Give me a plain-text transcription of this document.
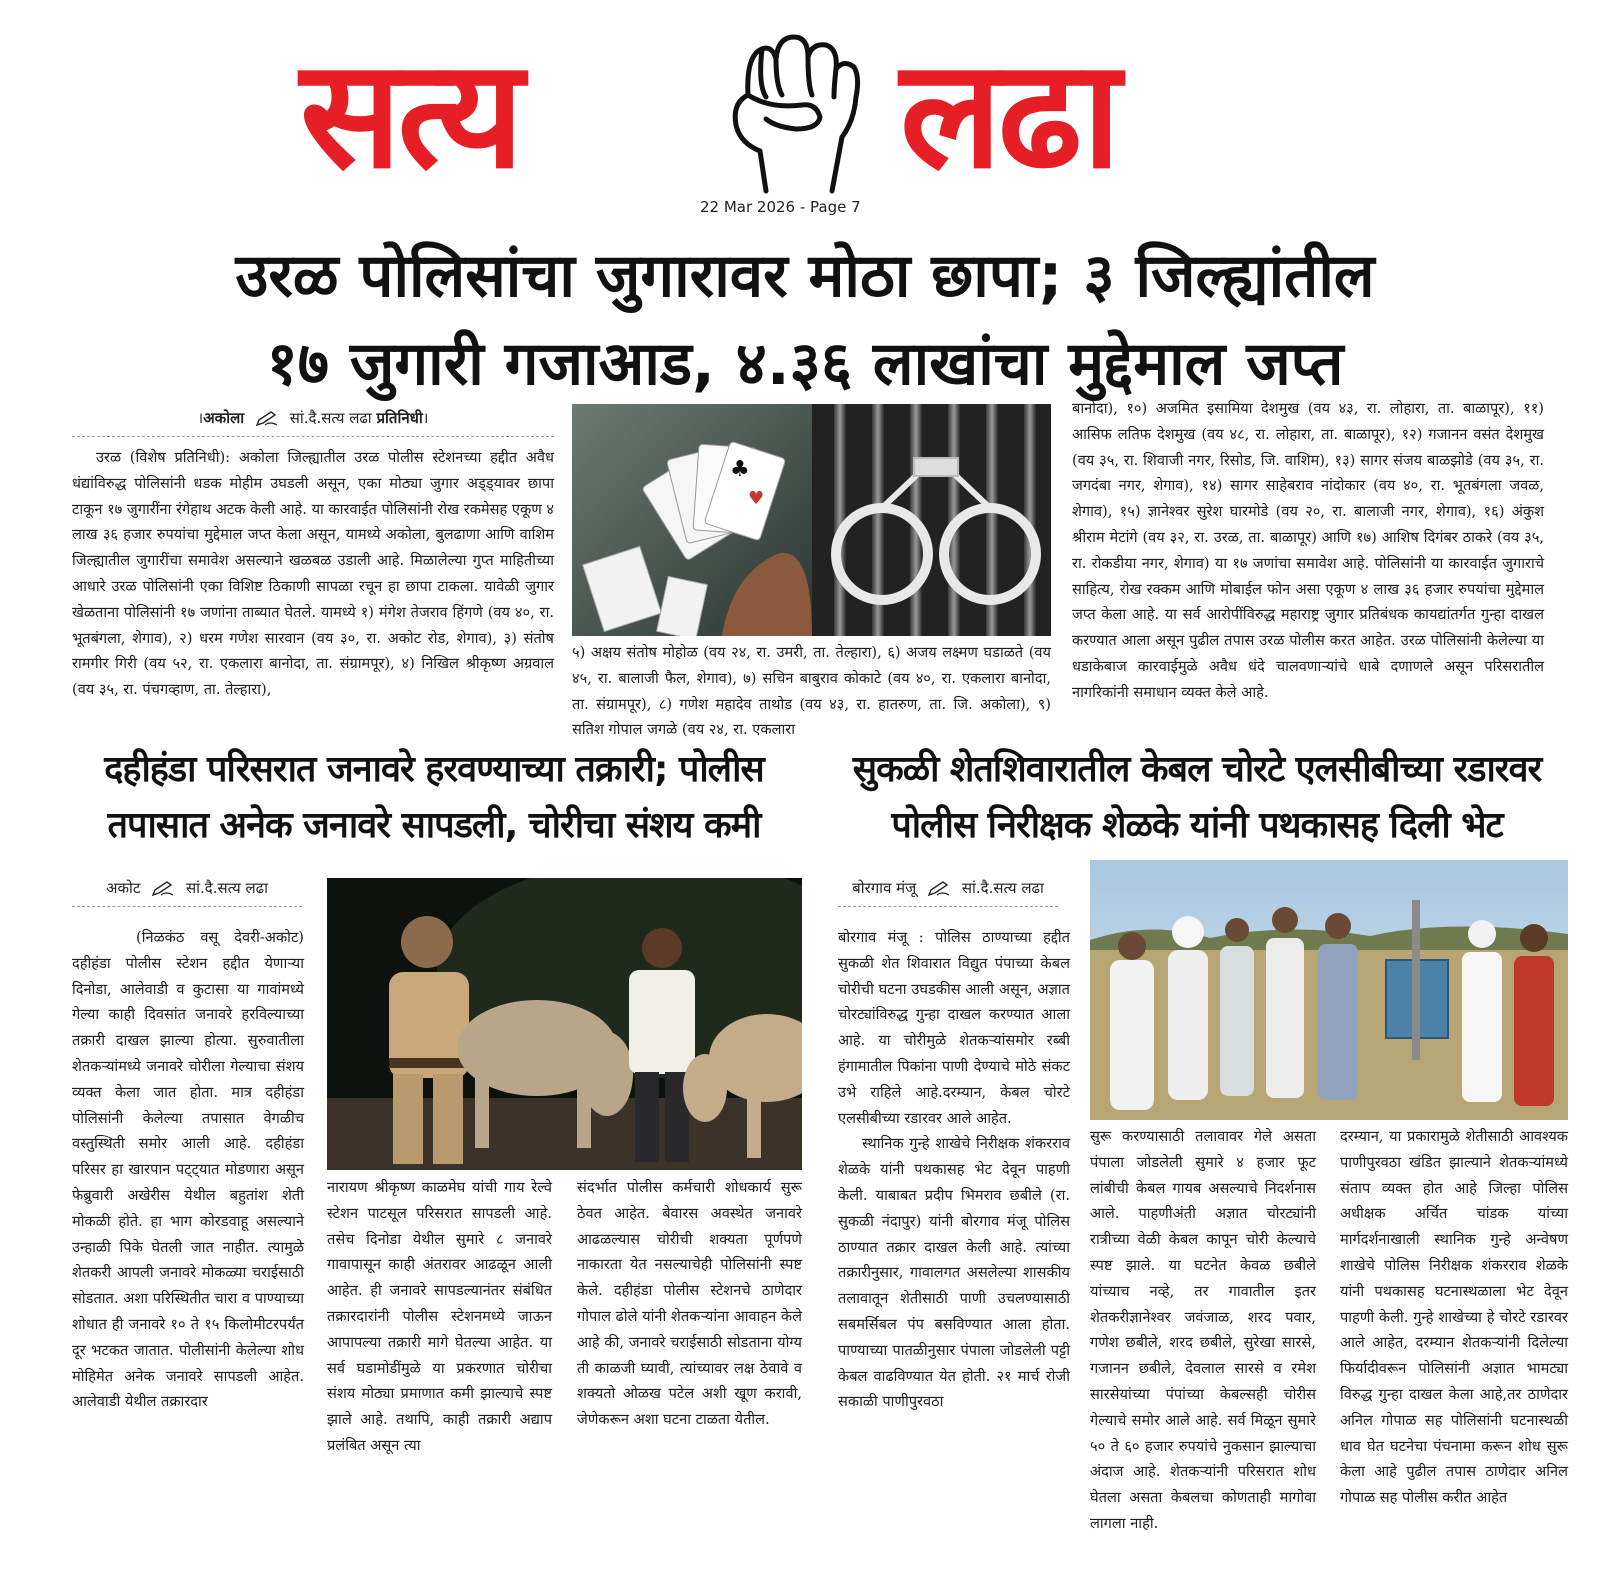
सत्य	लढा
22 Mar 2026 - Page 7
उरळ पोलिसांचा जुगारावर मोठा छापा; ३ जिल्ह्यांतील
१७ जुगारी गजाआड, ४.३६ लाखांचा मुद्देमाल जप्त
।अकोला	सां.दै.सत्य लढा प्रतिनिधी।

उरळ (विशेष प्रतिनिधी): अकोला जिल्ह्यातील उरळ पोलीस स्टेशनच्या हद्दीत अवैध धंद्यांविरुद्ध पोलिसांनी धडक मोहीम उघडली असून, एका मोठ्या जुगार अड्ड्यावर छापा टाकून १७ जुगारींना रंगेहाथ अटक केली आहे. या कारवाईत पोलिसांनी रोख रकमेसह एकूण ४ लाख ३६ हजार रुपयांचा मुद्देमाल जप्त केला असून, यामध्ये अकोला, बुलढाणा आणि वाशिम जिल्ह्यातील जुगारींचा समावेश असल्याने खळबळ उडाली आहे. मिळालेल्या गुप्त माहितीच्या आधारे उरळ पोलिसांनी एका विशिष्ट ठिकाणी सापळा रचून हा छापा टाकला. यावेळी जुगार खेळताना पोलिसांनी १७ जणांना ताब्यात घेतले. यामध्ये १) मंगेश तेजराव हिंगणे (वय ४०, रा. भूतबंगला, शेगाव), २) धरम गणेश सारवान (वय ३०, रा. अकोट रोड, शेगाव), ३) संतोष रामगीर गिरी (वय ५२, रा. एकलारा बानोदा, ता. संग्रामपूर), ४) निखिल श्रीकृष्ण अग्रवाल (वय ३५, रा. पंचगव्हाण, ता. तेल्हारा),

♣
♥

५) अक्षय संतोष मोहोळ (वय २४, रा. उमरी, ता. तेल्हारा), ६) अजय लक्ष्मण घडाळते (वय ४५, रा. बालाजी फैल, शेगाव), ७) सचिन बाबुराव कोकाटे (वय ४०, रा. एकलारा बानोदा, ता. संग्रामपूर), ८) गणेश महादेव ताथोड (वय ४३, रा. हातरुण, ता. जि. अकोला), ९) सतिश गोपाल जगळे (वय २४, रा. एकलारा

बानोदा), १०) अजमित इसामिया देशमुख (वय ४३, रा. लोहारा, ता. बाळापूर), ११) आसिफ लतिफ देशमुख (वय ४८, रा. लोहारा, ता. बाळापूर), १२) गजानन वसंत देशमुख (वय ३५, रा. शिवाजी नगर, रिसोड, जि. वाशिम), १३) सागर संजय बाळझोडे (वय ३५, रा. जगदंबा नगर, शेगाव), १४) सागर साहेबराव नांदोकार (वय ४०, रा. भूतबंगला जवळ, शेगाव), १५) ज्ञानेश्वर सुरेश घारमोडे (वय २०, रा. बालाजी नगर, शेगाव), १६) अंकुश श्रीराम मेटांगे (वय ३२, रा. उरळ, ता. बाळापूर) आणि १७) आशिष दिगंबर ठाकरे (वय ३५, रा. रोकडीया नगर, शेगाव) या १७ जणांचा समावेश आहे. पोलिसांनी या कारवाईत जुगाराचे साहित्य, रोख रक्कम आणि मोबाईल फोन असा एकूण ४ लाख ३६ हजार रुपयांचा मुद्देमाल जप्त केला आहे. या सर्व आरोपींविरुद्ध महाराष्ट्र जुगार प्रतिबंधक कायद्यांतर्गत गुन्हा दाखल करण्यात आला असून पुढील तपास उरळ पोलीस करत आहेत. उरळ पोलिसांनी केलेल्या या धडाकेबाज कारवाईमुळे अवैध धंदे चालवणाऱ्यांचे धाबे दणाणले असून परिसरातील नागरिकांनी समाधान व्यक्त केले आहे.

दहीहंडा परिसरात जनावरे हरवण्याच्या तक्रारी; पोलीस
तपासात अनेक जनावरे सापडली, चोरीचा संशय कमी
सुकळी शेतशिवारातील केबल चोरटे एलसीबीच्या रडारवर
पोलीस निरीक्षक शेळके यांनी पथकासह दिली भेट
अकोट	सां.दै.सत्य लढा

(निळकंठ वसू देवरी-अकोट) दहीहंडा पोलीस स्टेशन हद्दीत येणाऱ्या दिनोडा, आलेवाडी व कुटासा या गावांमध्ये गेल्या काही दिवसांत जनावरे हरविल्याच्या तक्रारी दाखल झाल्या होत्या. सुरुवातीला शेतकऱ्यांमध्ये जनावरे चोरीला गेल्याचा संशय व्यक्त केला जात होता. मात्र दहीहंडा पोलिसांनी केलेल्या तपासात वेगळीच वस्तुस्थिती समोर आली आहे. दहीहंडा परिसर हा खारपान पट्ट्यात मोडणारा असून फेब्रुवारी अखेरीस येथील बहुतांश शेती मोकळी होते. हा भाग कोरडवाहू असल्याने उन्हाळी पिके घेतली जात नाहीत. त्यामुळे शेतकरी आपली जनावरे मोकळ्या चराईसाठी सोडतात. अशा परिस्थितीत चारा व पाण्याच्या शोधात ही जनावरे १० ते १५ किलोमीटरपर्यंत दूर भटकत जातात. पोलीसांनी केलेल्या शोध मोहिमेत अनेक जनावरे सापडली आहेत. आलेवाडी येथील तक्रारदार

नारायण श्रीकृष्ण काळमेघ यांची गाय रेल्वे स्टेशन पाटसूल परिसरात सापडली आहे. तसेच दिनोडा येथील सुमारे ८ जनावरे गावापासून काही अंतरावर आढळून आली आहेत. ही जनावरे सापडल्यानंतर संबंधित तक्रारदारांनी पोलीस स्टेशनमध्ये जाऊन आपापल्या तक्रारी मागे घेतल्या आहेत. या सर्व घडामोडींमुळे या प्रकरणात चोरीचा संशय मोठ्या प्रमाणात कमी झाल्याचे स्पष्ट झाले आहे. तथापि, काही तक्रारी अद्याप प्रलंबित असून त्या

संदर्भात पोलीस कर्मचारी शोधकार्य सुरू ठेवत आहेत. बेवारस अवस्थेत जनावरे आढळल्यास चोरीची शक्यता पूर्णपणे नाकारता येत नसल्याचेही पोलिसांनी स्पष्ट केले. दहीहंडा पोलीस स्टेशनचे ठाणेदार गोपाल ढोले यांनी शेतकऱ्यांना आवाहन केले आहे की, जनावरे चराईसाठी सोडताना योग्य ती काळजी घ्यावी, त्यांच्यावर लक्ष ठेवावे व शक्यतो ओळख पटेल अशी खूण करावी, जेणेकरून अशा घटना टाळता येतील.

बोरगाव मंजू	सां.दै.सत्य लढा

बोरगाव मंजू : पोलिस ठाण्याच्या हद्दीत सुकळी शेत शिवारात विद्युत पंपाच्या केबल चोरीची घटना उघडकीस आली असून, अज्ञात चोरट्यांविरुद्ध गुन्हा दाखल करण्यात आला आहे. या चोरीमुळे शेतकऱ्यांसमोर रब्बी हंगामातील पिकांना पाणी देण्याचे मोठे संकट उभे राहिले आहे.दरम्यान, केबल चोरटे एलसीबीच्या रडारवर आले आहेत.

स्थानिक गुन्हे शाखेचे निरीक्षक शंकरराव शेळके यांनी पथकासह भेट देवून पाहणी केली. याबाबत प्रदीप भिमराव छबीले (रा. सुकळी नंदापुर) यांनी बोरगाव मंजू पोलिस ठाण्यात तक्रार दाखल केली आहे. त्यांच्या तक्रारीनुसार, गावालगत असलेल्या शासकीय तलावातून शेतीसाठी पाणी उचलण्यासाठी सबमर्सिबल पंप बसविण्यात आला होता. पाण्याच्या पातळीनुसार पंपाला जोडलेली पट्टी केबल वाढविण्यात येत होती. २१ मार्च रोजी सकाळी पाणीपुरवठा

सुरू करण्यासाठी तलावावर गेले असता पंपाला जोडलेली सुमारे ४ हजार फूट लांबीची केबल गायब असल्याचे निदर्शनास आले. पाहणीअंती अज्ञात चोरट्यांनी रात्रीच्या वेळी केबल कापून चोरी केल्याचे स्पष्ट झाले. या घटनेत केवळ छबीले यांच्याच नव्हे, तर गावातील इतर शेतकरीज्ञानेश्वर जवंजाळ, शरद पवार, गणेश छबीले, शरद छबीले, सुरेखा सारसे, गजानन छबीले, देवलाल सारसे व रमेश सारसेयांच्या पंपांच्या केबल्सही चोरीस गेल्याचे समोर आले आहे. सर्व मिळून सुमारे ५० ते ६० हजार रुपयांचे नुकसान झाल्याचा अंदाज आहे. शेतकऱ्यांनी परिसरात शोध घेतला असता केबलचा कोणताही मागोवा लागला नाही.

दरम्यान, या प्रकारामुळे शेतीसाठी आवश्यक पाणीपुरवठा खंडित झाल्याने शेतकऱ्यांमध्ये संताप व्यक्त होत आहे जिल्हा पोलिस अधीक्षक अर्चित चांडक यांच्या मार्गदर्शनाखाली स्थानिक गुन्हे अन्वेषण शाखेचे पोलिस निरीक्षक शंकरराव शेळके यांनी पथकासह घटनास्थळाला भेट देवून पाहणी केली. गुन्हे शाखेच्या हे चोरटे रडारवर आले आहेत, दरम्यान शेतकऱ्यांनी दिलेल्या फिर्यादीवरून पोलिसांनी अज्ञात भामट्या विरुद्ध गुन्हा दाखल केला आहे,तर ठाणेदार अनिल गोपाळ सह पोलिसांनी घटनास्थळी धाव घेत घटनेचा पंचनामा करून शोध सुरू केला आहे पुढील तपास ठाणेदार अनिल गोपाळ सह पोलीस करीत आहेत
